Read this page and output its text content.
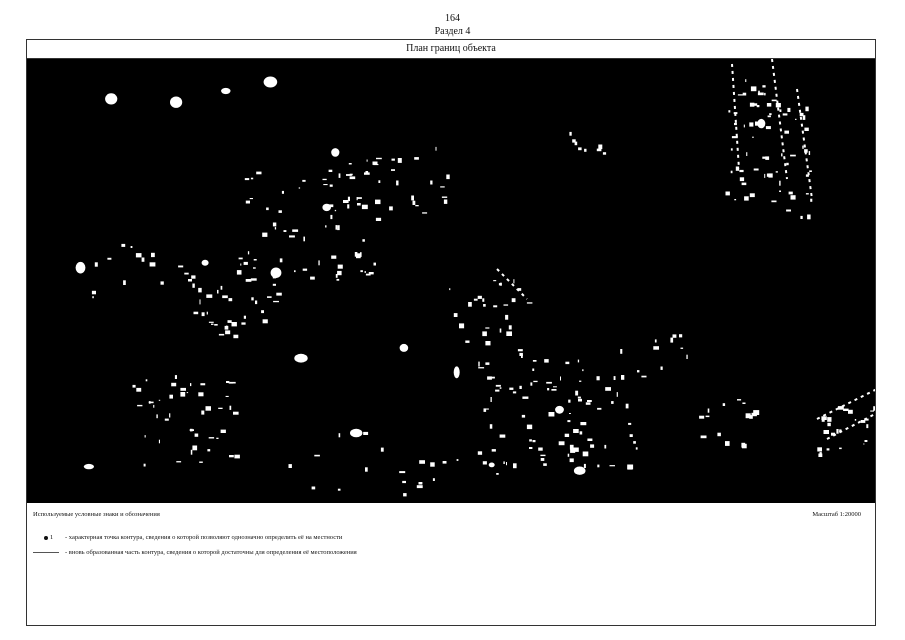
164
Раздел 4
План границ объекта
Используемые условные знаки и обозначения	Масштаб 1:20000
1 - характерная точка контура, сведения о которой позволяют однозначно определить её на местности
- вновь образованная часть контура, сведения о которой достаточны для определения её местоположения
